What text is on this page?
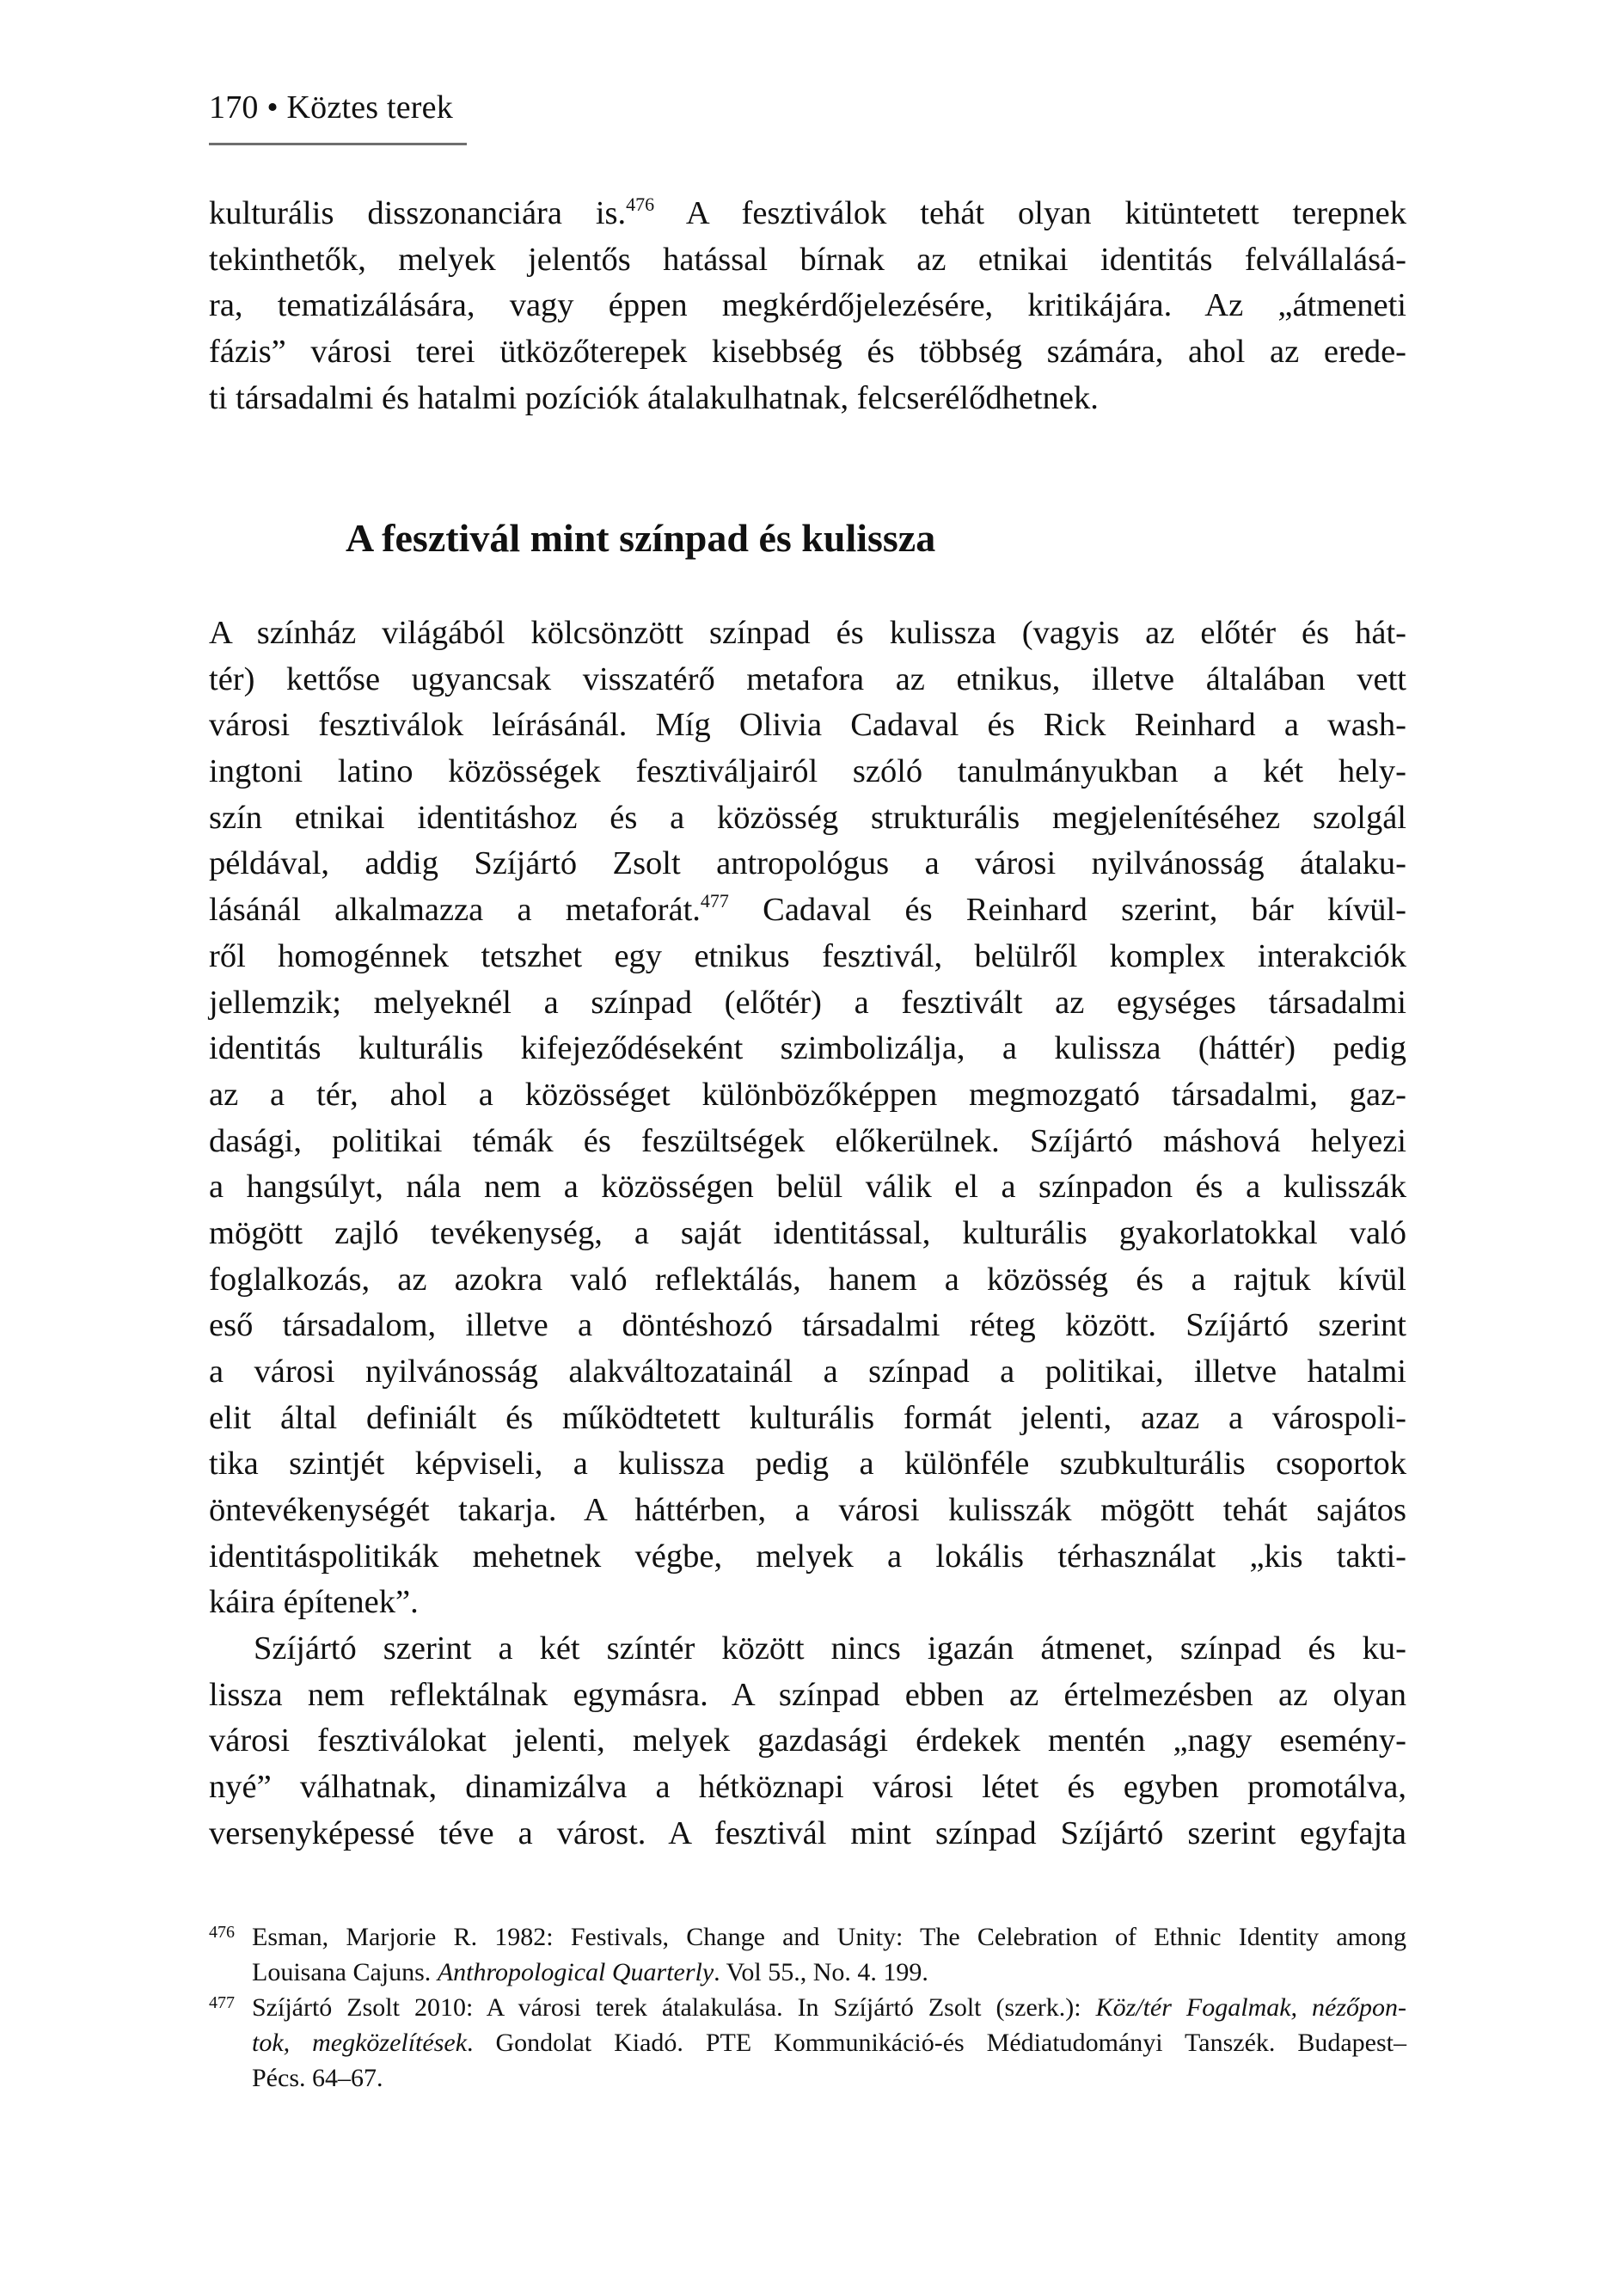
170 • Köztes terek
kulturális disszonanciára is.$^{476}$ A fesztiválok tehát olyan kitüntetett terepnek
tekinthetők, melyek jelentős hatással bírnak az etnikai identitás felvállalásá-
ra, tematizálására, vagy éppen megkérdőjelezésére, kritikájára. Az „átmeneti
fázis” városi terei ütközőterepek kisebbség és többség számára, ahol az erede-
ti társadalmi és hatalmi pozíciók átalakulhatnak, felcserélődhetnek.
A fesztivál mint színpad és kulissza
A színház világából kölcsönzött színpad és kulissza (vagyis az előtér és hát-
tér) kettőse ugyancsak visszatérő metafora az etnikus, illetve általában vett
városi fesztiválok leírásánál. Míg Olivia Cadaval és Rick Reinhard a wash-
ingtoni latino közösségek fesztiváljairól szóló tanulmányukban a két hely-
szín etnikai identitáshoz és a közösség strukturális megjelenítéséhez szolgál
példával, addig Szíjártó Zsolt antropológus a városi nyilvánosság átalaku-
lásánál alkalmazza a metaforát.$^{477}$ Cadaval és Reinhard szerint, bár kívül-
ről homogénnek tetszhet egy etnikus fesztivál, belülről komplex interakciók
jellemzik; melyeknél a színpad (előtér) a fesztivált az egységes társadalmi
identitás kulturális kifejeződéseként szimbolizálja, a kulissza (háttér) pedig
az a tér, ahol a közösséget különbözőképpen megmozgató társadalmi, gaz-
dasági, politikai témák és feszültségek előkerülnek. Szíjártó máshová helyezi
a hangsúlyt, nála nem a közösségen belül válik el a színpadon és a kulisszák
mögött zajló tevékenység, a saját identitással, kulturális gyakorlatokkal való
foglalkozás, az azokra való reflektálás, hanem a közösség és a rajtuk kívül
eső társadalom, illetve a döntéshozó társadalmi réteg között. Szíjártó szerint
a városi nyilvánosság alakváltozatainál a színpad a politikai, illetve hatalmi
elit által definiált és működtetett kulturális formát jelenti, azaz a várospoli-
tika szintjét képviseli, a kulissza pedig a különféle szubkulturális csoportok
öntevékenységét takarja. A háttérben, a városi kulisszák mögött tehát sajátos
identitáspolitikák mehetnek végbe, melyek a lokális térhasználat „kis takti-
káira építenek”.
Szíjártó szerint a két színtér között nincs igazán átmenet, színpad és ku-
lissza nem reflektálnak egymásra. A színpad ebben az értelmezésben az olyan
városi fesztiválokat jelenti, melyek gazdasági érdekek mentén „nagy esemény-
nyé” válhatnak, dinamizálva a hétköznapi városi létet és egyben promotálva,
versenyképessé téve a várost. A fesztivál mint színpad Szíjártó szerint egyfajta
476 Esman, Marjorie R. 1982: Festivals, Change and Unity: The Celebration of Ethnic Identity among
Louisana Cajuns. Anthropological Quarterly. Vol 55., No. 4. 199.
477 Szíjártó Zsolt 2010: A városi terek átalakulása. In Szíjártó Zsolt (szerk.): Köz/tér Fogalmak, nézőpon-
tok, megközelítések. Gondolat Kiadó. PTE Kommunikáció-és Médiatudományi Tanszék. Budapest–
Pécs. 64–67.
